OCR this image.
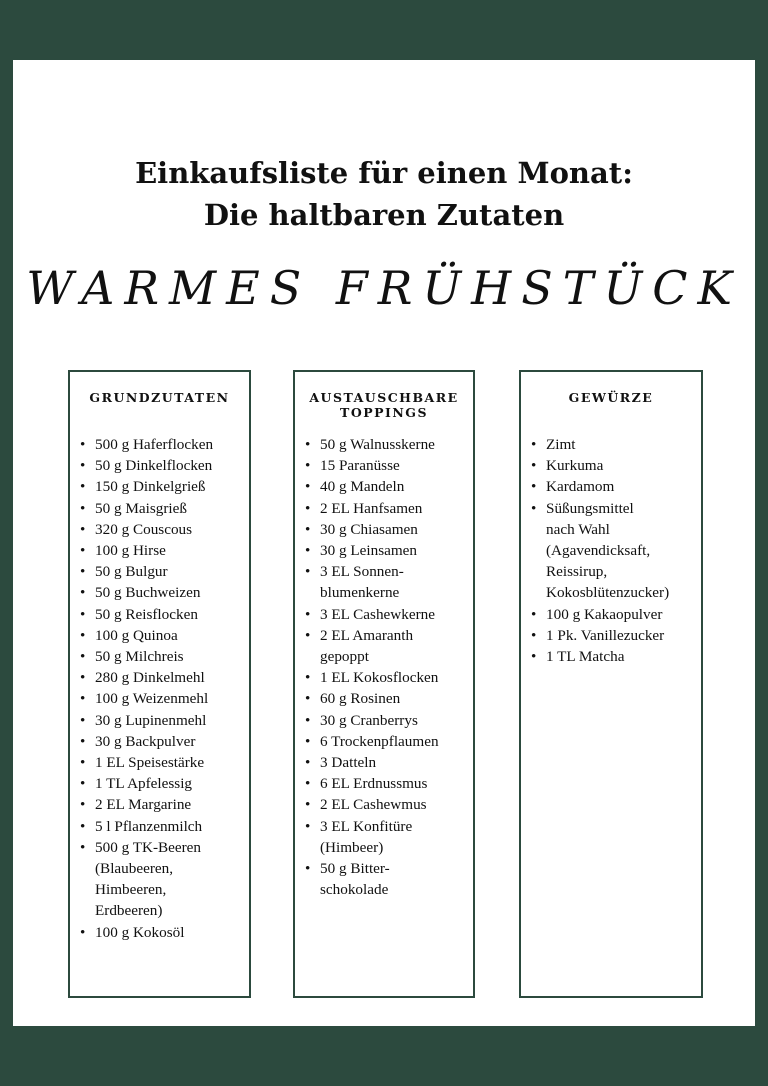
Einkaufsliste für einen Monat:
Die haltbaren Zutaten
WARMES FRÜHSTÜCK
GRUNDZUTATEN
• 500 g Haferflocken
• 50 g Dinkelflocken
• 150 g Dinkelgrieß
• 50 g Maisgrieß
• 320 g Couscous
• 100 g Hirse
• 50 g Bulgur
• 50 g Buchweizen
• 50 g Reisflocken
• 100 g Quinoa
• 50 g Milchreis
• 280 g Dinkelmehl
• 100 g Weizenmehl
• 30 g Lupinenmehl
• 30 g Backpulver
• 1 EL Speisestärke
• 1 TL Apfelessig
• 2 EL Margarine
• 5 l Pflanzenmilch
• 500 g TK-Beeren
(Blaubeeren,
Himbeeren,
Erdbeeren)
• 100 g Kokosöl
AUSTAUSCHBARE
TOPPINGS
• 50 g Walnusskerne
• 15 Paranüsse
• 40 g Mandeln
• 2 EL Hanfsamen
• 30 g Chiasamen
• 30 g Leinsamen
• 3 EL Sonnen-
blumenkerne
• 3 EL Cashewkerne
• 2 EL Amaranth
gepoppt
• 1 EL Kokosflocken
• 60 g Rosinen
• 30 g Cranberrys
• 6 Trockenpflaumen
• 3 Datteln
• 6 EL Erdnussmus
• 2 EL Cashewmus
• 3 EL Konfitüre
(Himbeer)
• 50 g Bitter-
schokolade
GEWÜRZE
• Zimt
• Kurkuma
• Kardamom
• Süßungsmittel
nach Wahl
(Agavendicksaft,
Reissirup,
Kokosblütenzucker)
• 100 g Kakaopulver
• 1 Pk. Vanillezucker
• 1 TL Matcha
